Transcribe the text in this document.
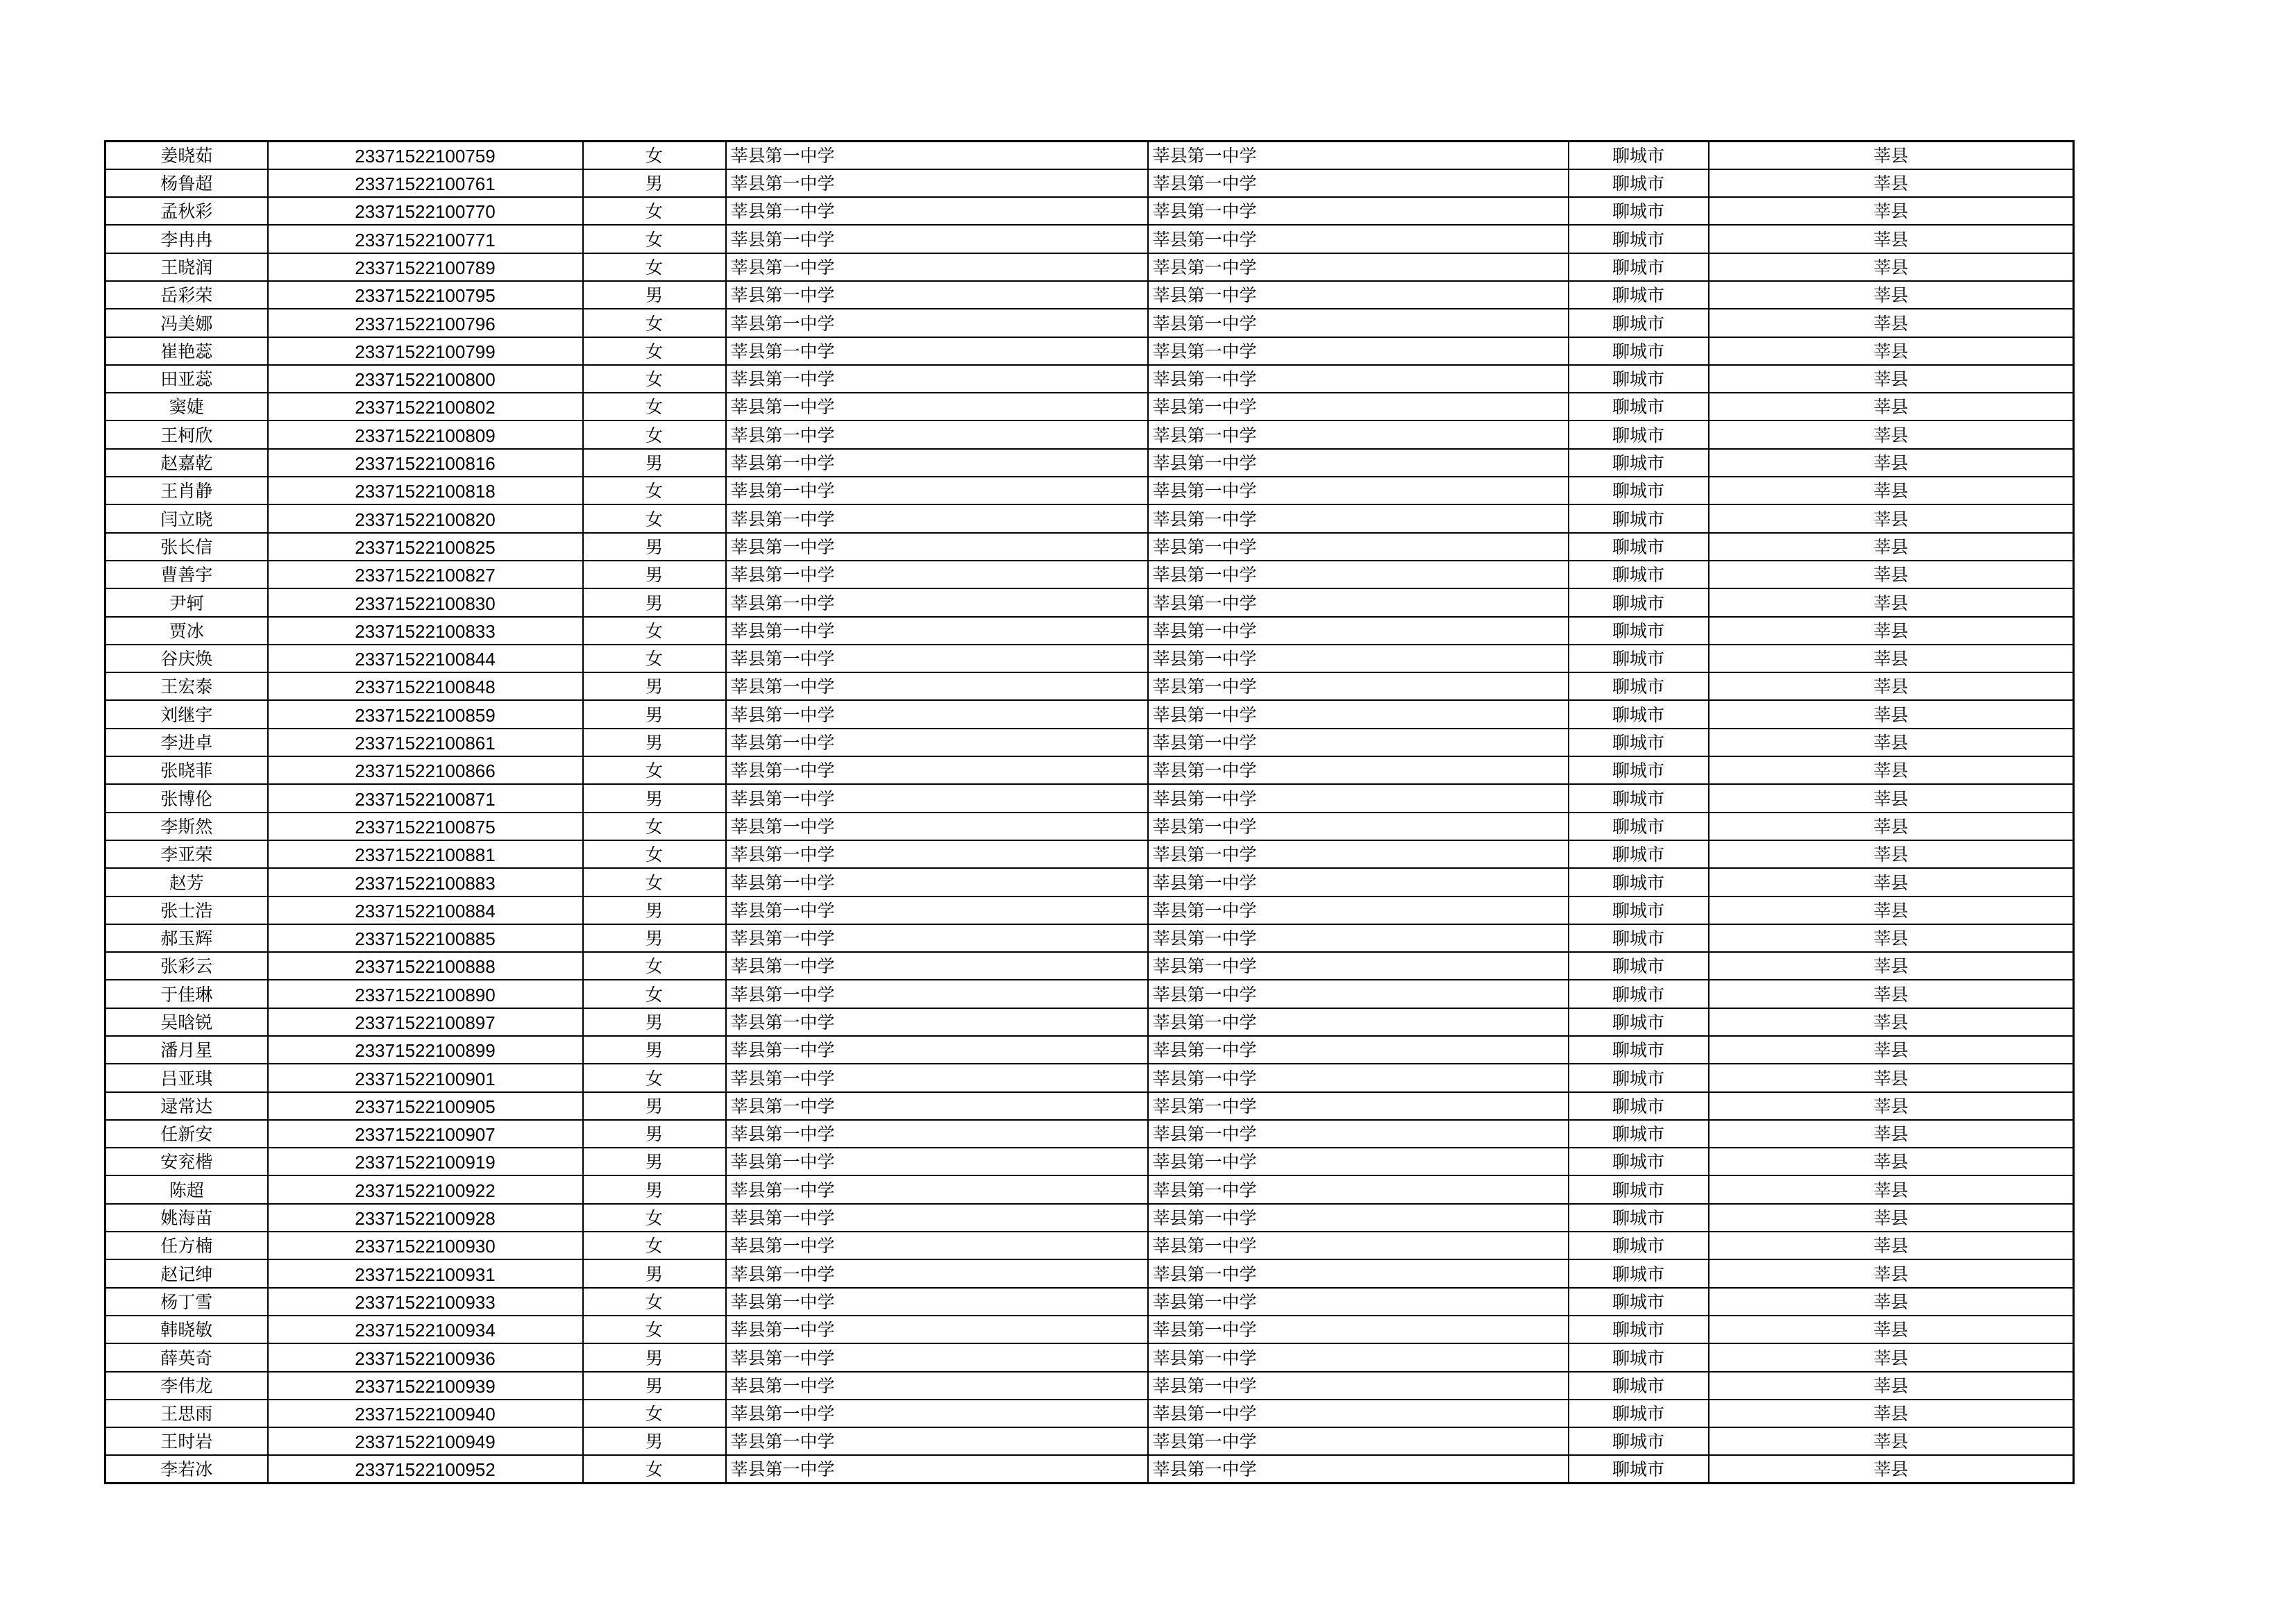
姜晓茹	23371522100759	女	莘县第一中学	莘县第一中学	聊城市	莘县
杨鲁超	23371522100761	男	莘县第一中学	莘县第一中学	聊城市	莘县
孟秋彩	23371522100770	女	莘县第一中学	莘县第一中学	聊城市	莘县
李冉冉	23371522100771	女	莘县第一中学	莘县第一中学	聊城市	莘县
王晓润	23371522100789	女	莘县第一中学	莘县第一中学	聊城市	莘县
岳彩荣	23371522100795	男	莘县第一中学	莘县第一中学	聊城市	莘县
冯美娜	23371522100796	女	莘县第一中学	莘县第一中学	聊城市	莘县
崔艳蕊	23371522100799	女	莘县第一中学	莘县第一中学	聊城市	莘县
田亚蕊	23371522100800	女	莘县第一中学	莘县第一中学	聊城市	莘县
窦婕	23371522100802	女	莘县第一中学	莘县第一中学	聊城市	莘县
王柯欣	23371522100809	女	莘县第一中学	莘县第一中学	聊城市	莘县
赵嘉乾	23371522100816	男	莘县第一中学	莘县第一中学	聊城市	莘县
王肖静	23371522100818	女	莘县第一中学	莘县第一中学	聊城市	莘县
闫立晓	23371522100820	女	莘县第一中学	莘县第一中学	聊城市	莘县
张长信	23371522100825	男	莘县第一中学	莘县第一中学	聊城市	莘县
曹善宇	23371522100827	男	莘县第一中学	莘县第一中学	聊城市	莘县
尹轲	23371522100830	男	莘县第一中学	莘县第一中学	聊城市	莘县
贾冰	23371522100833	女	莘县第一中学	莘县第一中学	聊城市	莘县
谷庆焕	23371522100844	女	莘县第一中学	莘县第一中学	聊城市	莘县
王宏泰	23371522100848	男	莘县第一中学	莘县第一中学	聊城市	莘县
刘继宇	23371522100859	男	莘县第一中学	莘县第一中学	聊城市	莘县
李进卓	23371522100861	男	莘县第一中学	莘县第一中学	聊城市	莘县
张晓菲	23371522100866	女	莘县第一中学	莘县第一中学	聊城市	莘县
张博伦	23371522100871	男	莘县第一中学	莘县第一中学	聊城市	莘县
李斯然	23371522100875	女	莘县第一中学	莘县第一中学	聊城市	莘县
李亚荣	23371522100881	女	莘县第一中学	莘县第一中学	聊城市	莘县
赵芳	23371522100883	女	莘县第一中学	莘县第一中学	聊城市	莘县
张士浩	23371522100884	男	莘县第一中学	莘县第一中学	聊城市	莘县
郝玉辉	23371522100885	男	莘县第一中学	莘县第一中学	聊城市	莘县
张彩云	23371522100888	女	莘县第一中学	莘县第一中学	聊城市	莘县
于佳琳	23371522100890	女	莘县第一中学	莘县第一中学	聊城市	莘县
吴晗锐	23371522100897	男	莘县第一中学	莘县第一中学	聊城市	莘县
潘月星	23371522100899	男	莘县第一中学	莘县第一中学	聊城市	莘县
吕亚琪	23371522100901	女	莘县第一中学	莘县第一中学	聊城市	莘县
逯常达	23371522100905	男	莘县第一中学	莘县第一中学	聊城市	莘县
任新安	23371522100907	男	莘县第一中学	莘县第一中学	聊城市	莘县
安兖楷	23371522100919	男	莘县第一中学	莘县第一中学	聊城市	莘县
陈超	23371522100922	男	莘县第一中学	莘县第一中学	聊城市	莘县
姚海苗	23371522100928	女	莘县第一中学	莘县第一中学	聊城市	莘县
任方楠	23371522100930	女	莘县第一中学	莘县第一中学	聊城市	莘县
赵记绅	23371522100931	男	莘县第一中学	莘县第一中学	聊城市	莘县
杨丁雪	23371522100933	女	莘县第一中学	莘县第一中学	聊城市	莘县
韩晓敏	23371522100934	女	莘县第一中学	莘县第一中学	聊城市	莘县
薛英奇	23371522100936	男	莘县第一中学	莘县第一中学	聊城市	莘县
李伟龙	23371522100939	男	莘县第一中学	莘县第一中学	聊城市	莘县
王思雨	23371522100940	女	莘县第一中学	莘县第一中学	聊城市	莘县
王时岩	23371522100949	男	莘县第一中学	莘县第一中学	聊城市	莘县
李若冰	23371522100952	女	莘县第一中学	莘县第一中学	聊城市	莘县
